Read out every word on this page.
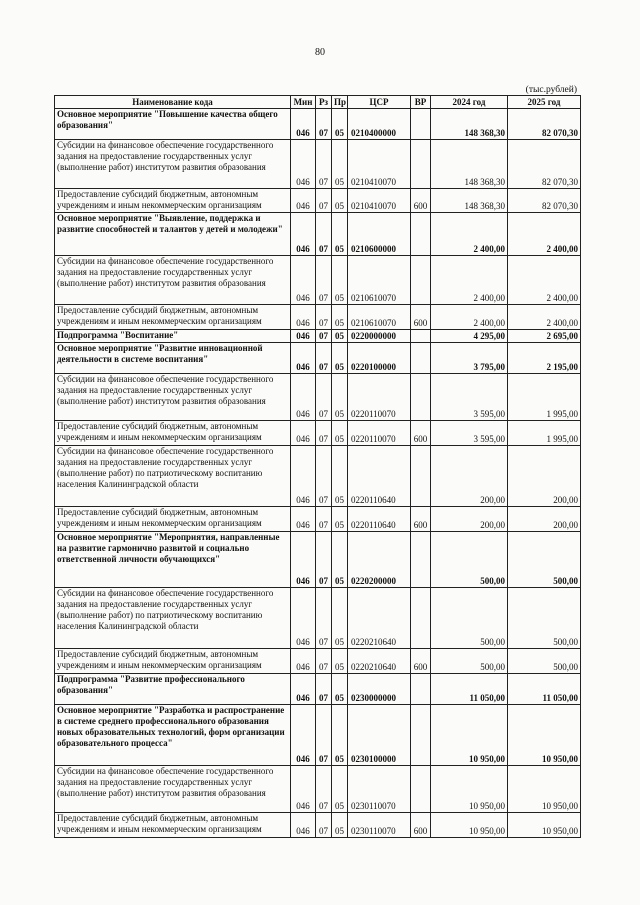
80
(тыс.рублей)
Наименование кода	Мин	Рз	Пр	ЦСР	ВР	2024 год	2025 год
Основное мероприятие "Повышение качества общего образования"	046	07	05	0210400000		148 368,30	82 070,30
Субсидии на финансовое обеспечение государственного задания на предоставление государственных услуг (выполнение работ) институтом развития образования	046	07	05	0210410070		148 368,30	82 070,30
Предоставление субсидий бюджетным, автономным учреждениям и иным некоммерческим организациям	046	07	05	0210410070	600	148 368,30	82 070,30
Основное мероприятие "Выявление, поддержка и развитие способностей и талантов у детей и молодежи"	046	07	05	0210600000		2 400,00	2 400,00
Субсидии на финансовое обеспечение государственного задания на предоставление государственных услуг (выполнение работ) институтом развития образования	046	07	05	0210610070		2 400,00	2 400,00
Предоставление субсидий бюджетным, автономным учреждениям и иным некоммерческим организациям	046	07	05	0210610070	600	2 400,00	2 400,00
Подпрограмма "Воспитание"	046	07	05	0220000000		4 295,00	2 695,00
Основное мероприятие "Развитие инновационной деятельности в системе воспитания"	046	07	05	0220100000		3 795,00	2 195,00
Субсидии на финансовое обеспечение государственного задания на предоставление государственных услуг (выполнение работ) институтом развития образования	046	07	05	0220110070		3 595,00	1 995,00
Предоставление субсидий бюджетным, автономным учреждениям и иным некоммерческим организациям	046	07	05	0220110070	600	3 595,00	1 995,00
Субсидии на финансовое обеспечение государственного задания на предоставление государственных услуг (выполнение работ) по патриотическому воспитанию населения Калининградской области	046	07	05	0220110640		200,00	200,00
Предоставление субсидий бюджетным, автономным учреждениям и иным некоммерческим организациям	046	07	05	0220110640	600	200,00	200,00
Основное мероприятие "Мероприятия, направленные на развитие гармонично развитой и социально ответственной личности обучающихся"	046	07	05	0220200000		500,00	500,00
Субсидии на финансовое обеспечение государственного задания на предоставление государственных услуг (выполнение работ) по патриотическому воспитанию населения Калининградской области	046	07	05	0220210640		500,00	500,00
Предоставление субсидий бюджетным, автономным учреждениям и иным некоммерческим организациям	046	07	05	0220210640	600	500,00	500,00
Подпрограмма "Развитие профессионального образования"	046	07	05	0230000000		11 050,00	11 050,00
Основное мероприятие "Разработка и распространение в системе среднего профессионального образования новых образовательных технологий, форм организации образовательного процесса"	046	07	05	0230100000		10 950,00	10 950,00
Субсидии на финансовое обеспечение государственного задания на предоставление государственных услуг (выполнение работ) институтом развития образования	046	07	05	0230110070		10 950,00	10 950,00
Предоставление субсидий бюджетным, автономным учреждениям и иным некоммерческим организациям	046	07	05	0230110070	600	10 950,00	10 950,00
